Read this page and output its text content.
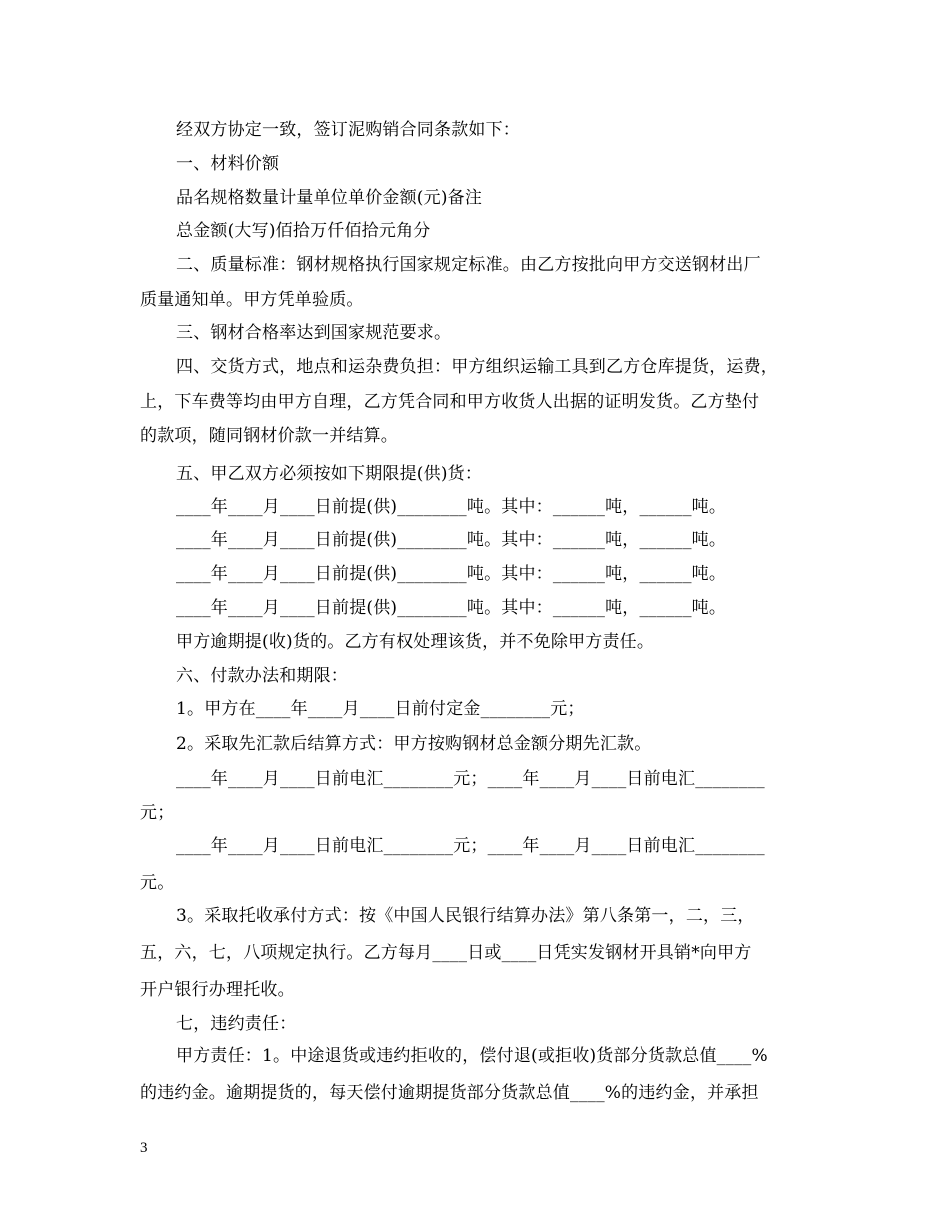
经双方协定一致，签订泥购销合同条款如下：
一、材料价额
品名规格数量计量单位单价金额(元)备注
总金额(大写)佰拾万仟佰拾元角分
二、质量标准：钢材规格执行国家规定标准。由乙方按批向甲方交送钢材出厂
质量通知单。甲方凭单验质。
三、钢材合格率达到国家规范要求。
四、交货方式，地点和运杂费负担：甲方组织运输工具到乙方仓库提货，运费，
上，下车费等均由甲方自理，乙方凭合同和甲方收货人出据的证明发货。乙方垫付
的款项，随同钢材价款一并结算。
五、甲乙双方必须按如下期限提(供)货：
____年____月____日前提(供)________吨。其中：______吨，______吨。
____年____月____日前提(供)________吨。其中：______吨，______吨。
____年____月____日前提(供)________吨。其中：______吨，______吨。
____年____月____日前提(供)________吨。其中：______吨，______吨。
甲方逾期提(收)货的。乙方有权处理该货，并不免除甲方责任。
六、付款办法和期限：
1。甲方在____年____月____日前付定金________元；
2。采取先汇款后结算方式：甲方按购钢材总金额分期先汇款。
____年____月____日前电汇________元；____年____月____日前电汇________
元；
____年____月____日前电汇________元；____年____月____日前电汇________
元。
3。采取托收承付方式：按《中国人民银行结算办法》第八条第一，二，三，
五，六，七，八项规定执行。乙方每月____日或____日凭实发钢材开具销*向甲方
开户银行办理托收。
七，违约责任：
甲方责任：1。中途退货或违约拒收的，偿付退(或拒收)货部分货款总值____%
的违约金。逾期提货的，每天偿付逾期提货部分货款总值____%的违约金，并承担
3
